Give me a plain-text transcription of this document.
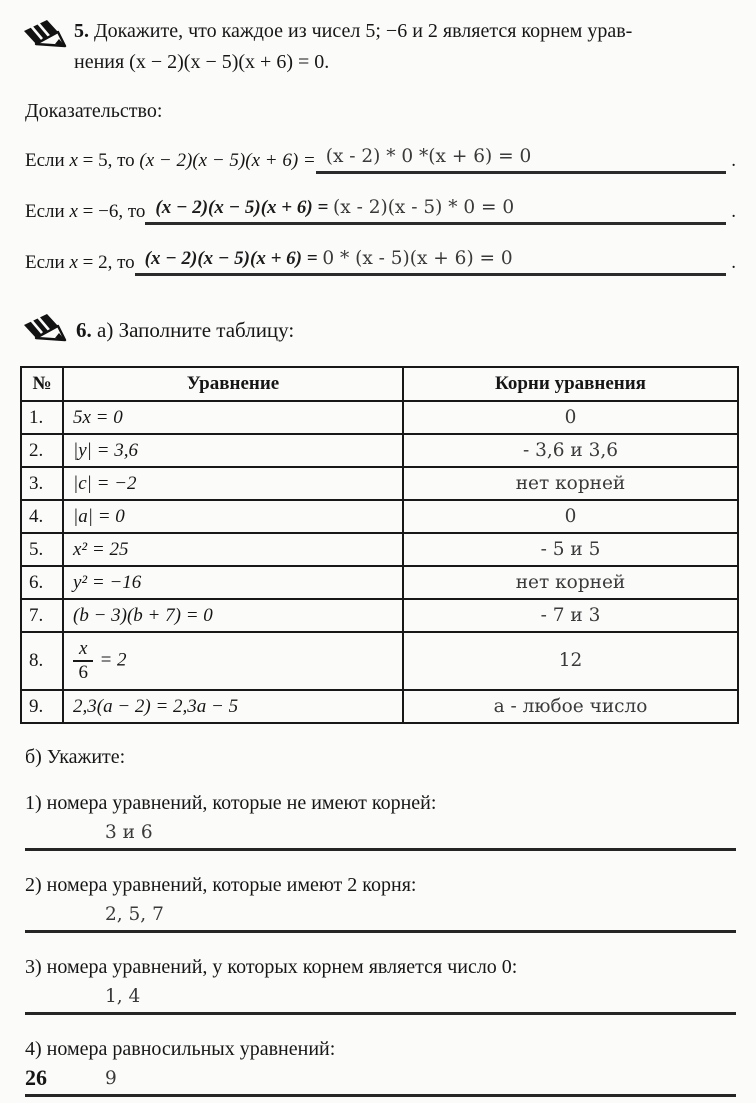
5. Докажите, что каждое из чисел 5; −6 и 2 является корнем урав-
нения (x − 2)(x − 5)(x + 6) = 0.
Доказательство:
Если x = 5, то (x − 2)(x − 5)(x + 6) = (x - 2) * 0 *(x + 6) = 0	.
Если x = −6, то (x − 2)(x − 5)(x + 6) = (x - 2)(x - 5) * 0 = 0	.
Если x = 2, то (x − 2)(x − 5)(x + 6) = 0 * (x - 5)(x + 6) = 0	.
6. а) Заполните таблицу:
№	Уравнение	Корни уравнения
1.	5x = 0	0
2.	|y| = 3,6	- 3,6 и 3,6
3.	|c| = −2	нет корней
4.	|a| = 0	0
5.	x² = 25	- 5 и 5
6.	y² = −16	нет корней
7.	(b − 3)(b + 7) = 0	- 7 и 3
8.	$\frac{x}{6} = 2$	12
9.	2,3(a − 2) = 2,3a − 5	а - любое число
б) Укажите:
1) номера уравнений, которые не имеют корней:
3 и 6
2) номера уравнений, которые имеют 2 корня:
2, 5, 7
3) номера уравнений, у которых корнем является число 0:
1, 4
4) номера равносильных уравнений:
9
26
